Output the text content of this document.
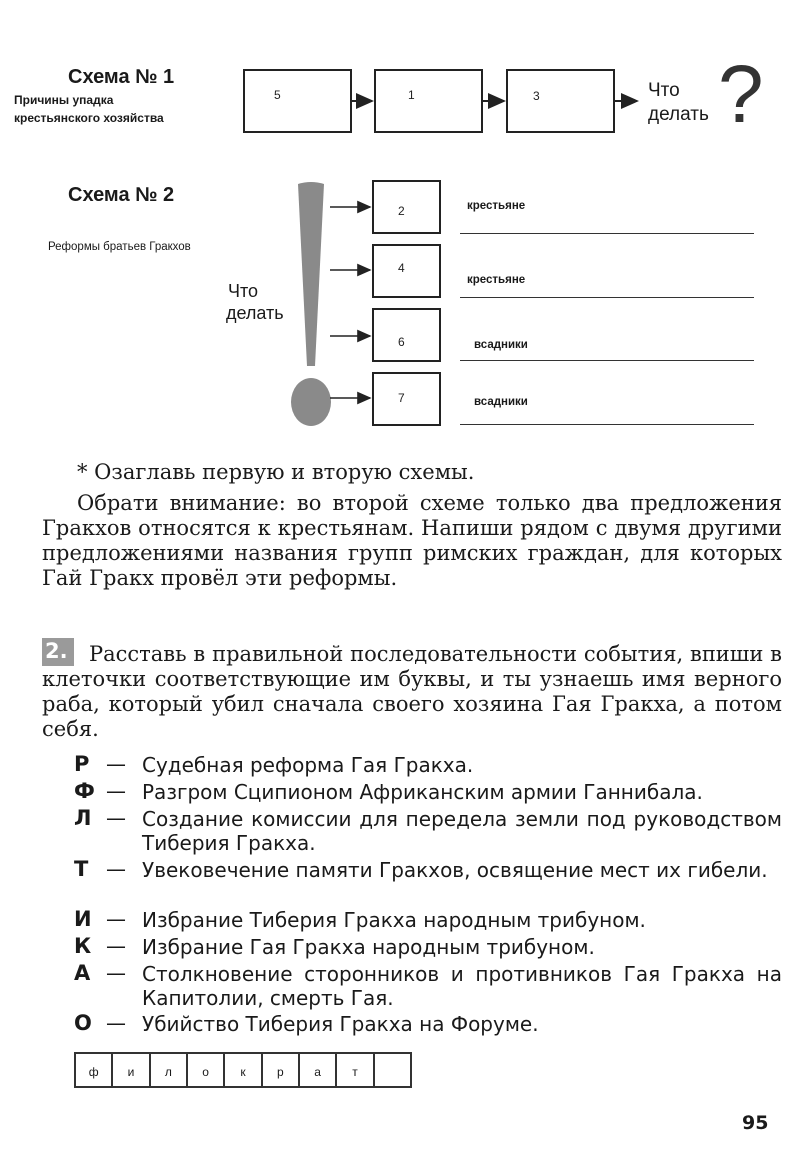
Схема № 1
Причины упадка
крестьянского хозяйства
5	1	3	Что
делать ?
Схема № 2
Реформы братьев Гракхов
Что
делать
2
4
6
7
крестьяне
крестьяне
всадники
всадники
* Озаглавь первую и вторую схемы.
Обрати внимание: во второй схеме только два предложения Гракхов относятся к крестьянам. Напиши рядом с двумя другими предложениями названия групп римских граждан, для которых Гай Гракх провёл эти реформы.
2.	Расставь в правильной последовательности события, впиши в клеточки соответствующие им буквы, и ты узнаешь имя верного раба, который убил сначала своего хозяина Гая Гракха, а потом себя.
Р — Судебная реформа Гая Гракха.
Ф — Разгром Сципионом Африканским армии Ганнибала.
Л — Создание комиссии для передела земли под руководством Тиберия Гракха.
Т — Увековечение памяти Гракхов, освящение мест их гибели.
И — Избрание Тиберия Гракха народным трибуном.
К — Избрание Гая Гракха народным трибуном.
А — Столкновение сторонников и противников Гая Гракха на Капитолии, смерть Гая.
О — Убийство Тиберия Гракха на Форуме.
ф	и	л	о	к	р	а	т
95
